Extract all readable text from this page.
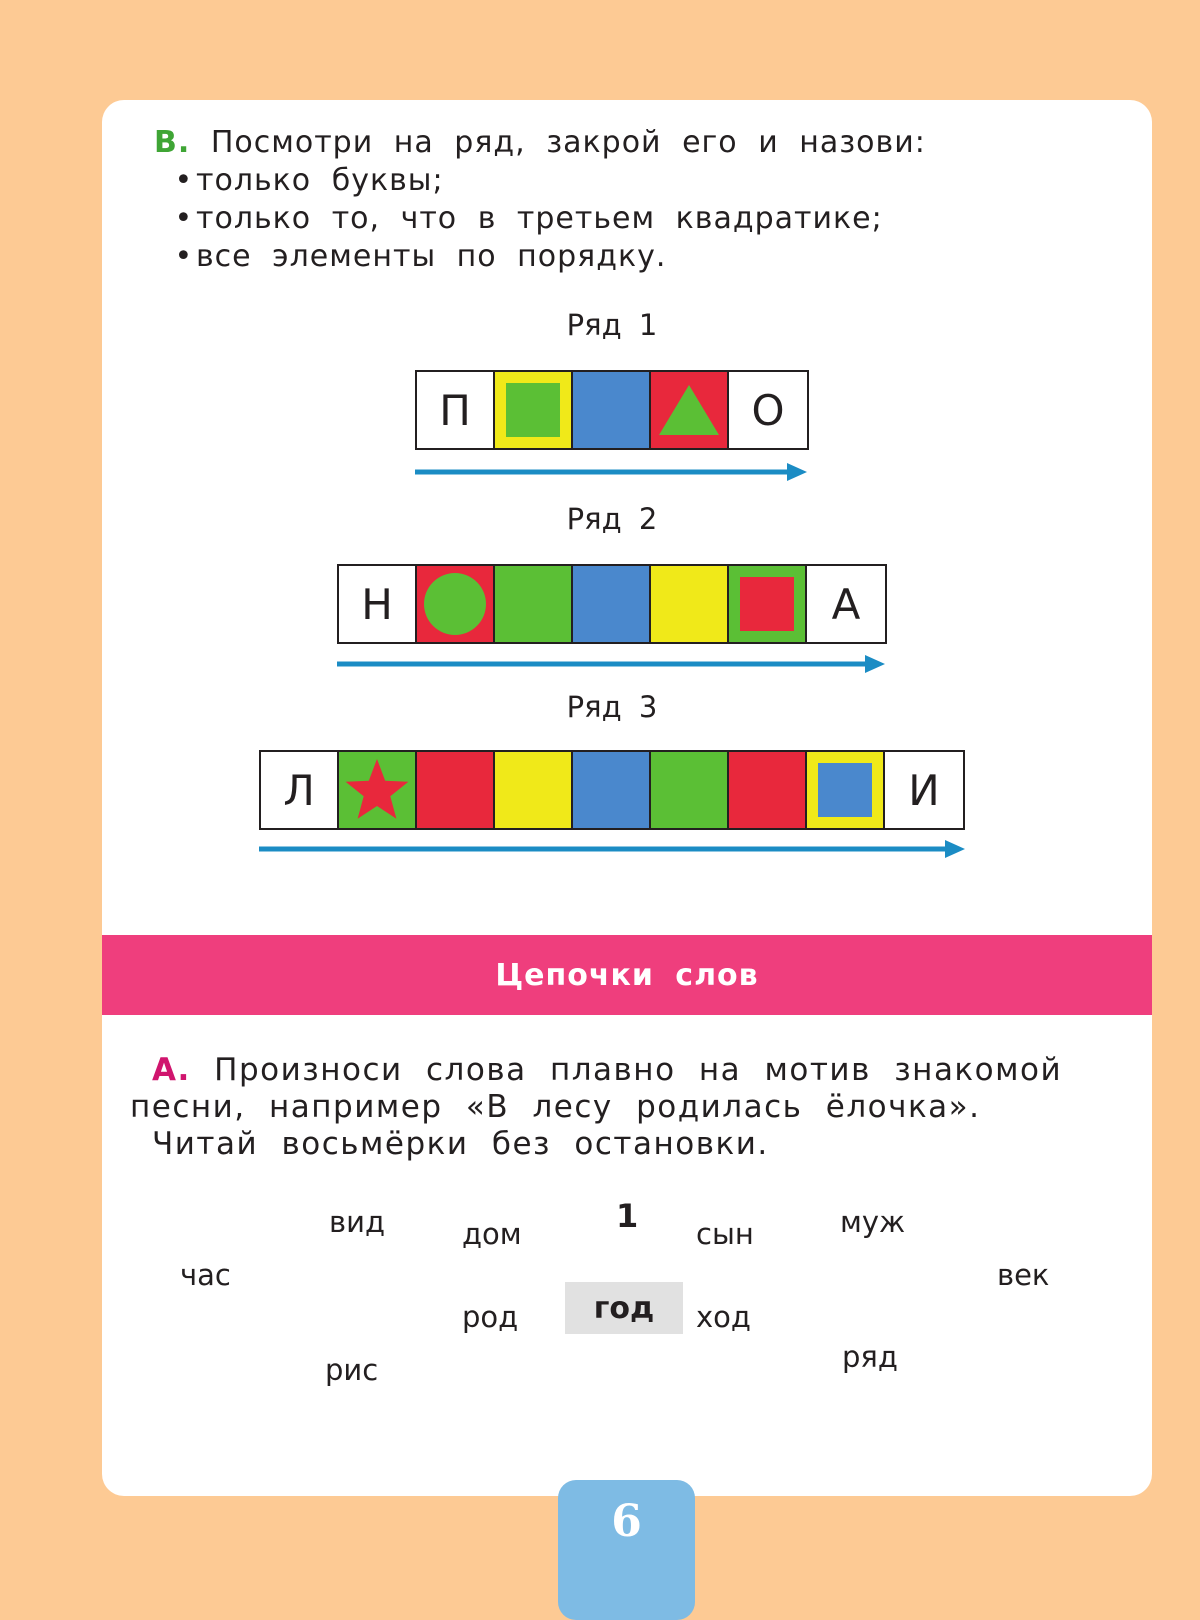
В. Посмотри на ряд, закрой его и назови:
•только буквы;
•только то, что в третьем квадратике;
•все элементы по порядку.
Ряд 1
П	О
Ряд 2
Н	А
Ряд 3
Л	И
Цепочки слов
А. Произноси слова плавно на мотив знакомой
песни, например «В лесу родилась ёлочка».
Читай восьмёрки без остановки.
1
час
вид
рис
дом
род
сын
ход
муж
ряд
век
год
6
